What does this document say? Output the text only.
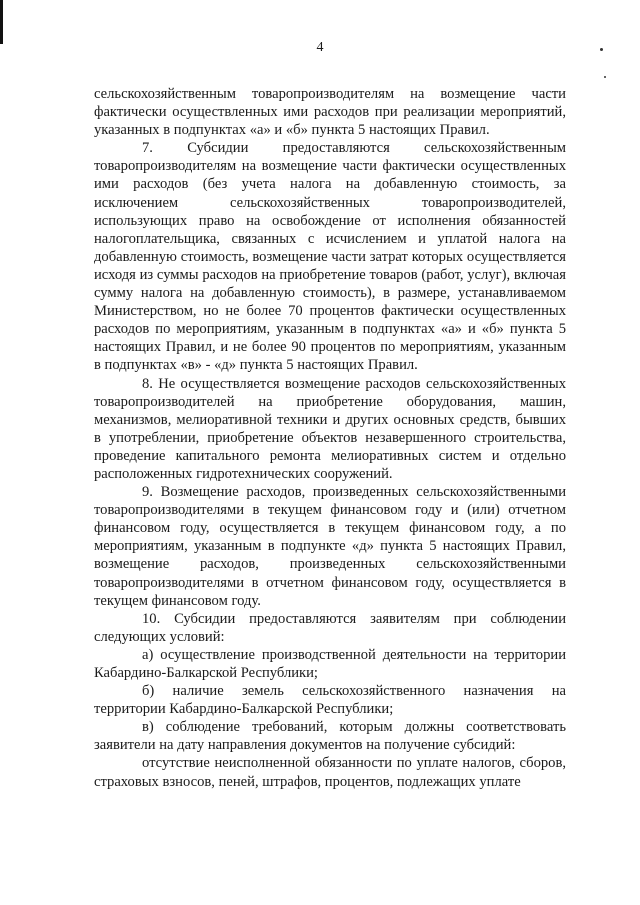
4

сельскохозяйственным товаропроизводителям на возмещение части фактически осуществленных ими расходов при реализации мероприятий, указанных в подпунктах «а» и «б» пункта 5 настоящих Правил.

7. Субсидии предоставляются сельскохозяйственным товаропроизводителям на возмещение части фактически осуществленных ими расходов (без учета налога на добавленную стоимость, за исключением сельскохозяйственных товаропроизводителей, использующих право на освобождение от исполнения обязанностей налогоплательщика, связанных с исчислением и уплатой налога на добавленную стоимость, возмещение части затрат которых осуществляется исходя из суммы расходов на приобретение товаров (работ, услуг), включая сумму налога на добавленную стоимость), в размере, устанавливаемом Министерством, но не более 70 процентов фактически осуществленных расходов по мероприятиям, указанным в подпунктах «а» и «б» пункта 5 настоящих Правил, и не более 90 процентов по мероприятиям, указанным в подпунктах «в» - «д» пункта 5 настоящих Правил.

8. Не осуществляется возмещение расходов сельскохозяйственных товаропроизводителей на приобретение оборудования, машин, механизмов, мелиоративной техники и других основных средств, бывших в употреблении, приобретение объектов незавершенного строительства, проведение капитального ремонта мелиоративных систем и отдельно расположенных гидротехнических сооружений.

9. Возмещение расходов, произведенных сельскохозяйственными товаропроизводителями в текущем финансовом году и (или) отчетном финансовом году, осуществляется в текущем финансовом году, а по мероприятиям, указанным в подпункте «д» пункта 5 настоящих Правил, возмещение расходов, произведенных сельскохозяйственными товаропроизводителями в отчетном финансовом году, осуществляется в текущем финансовом году.

10. Субсидии предоставляются заявителям при соблюдении следующих условий:

а) осуществление производственной деятельности на территории Кабардино-Балкарской Республики;

б) наличие земель сельскохозяйственного назначения на территории Кабардино-Балкарской Республики;

в) соблюдение требований, которым должны соответствовать заявители на дату направления документов на получение субсидий:

отсутствие неисполненной обязанности по уплате налогов, сборов, страховых взносов, пеней, штрафов, процентов, подлежащих уплате
